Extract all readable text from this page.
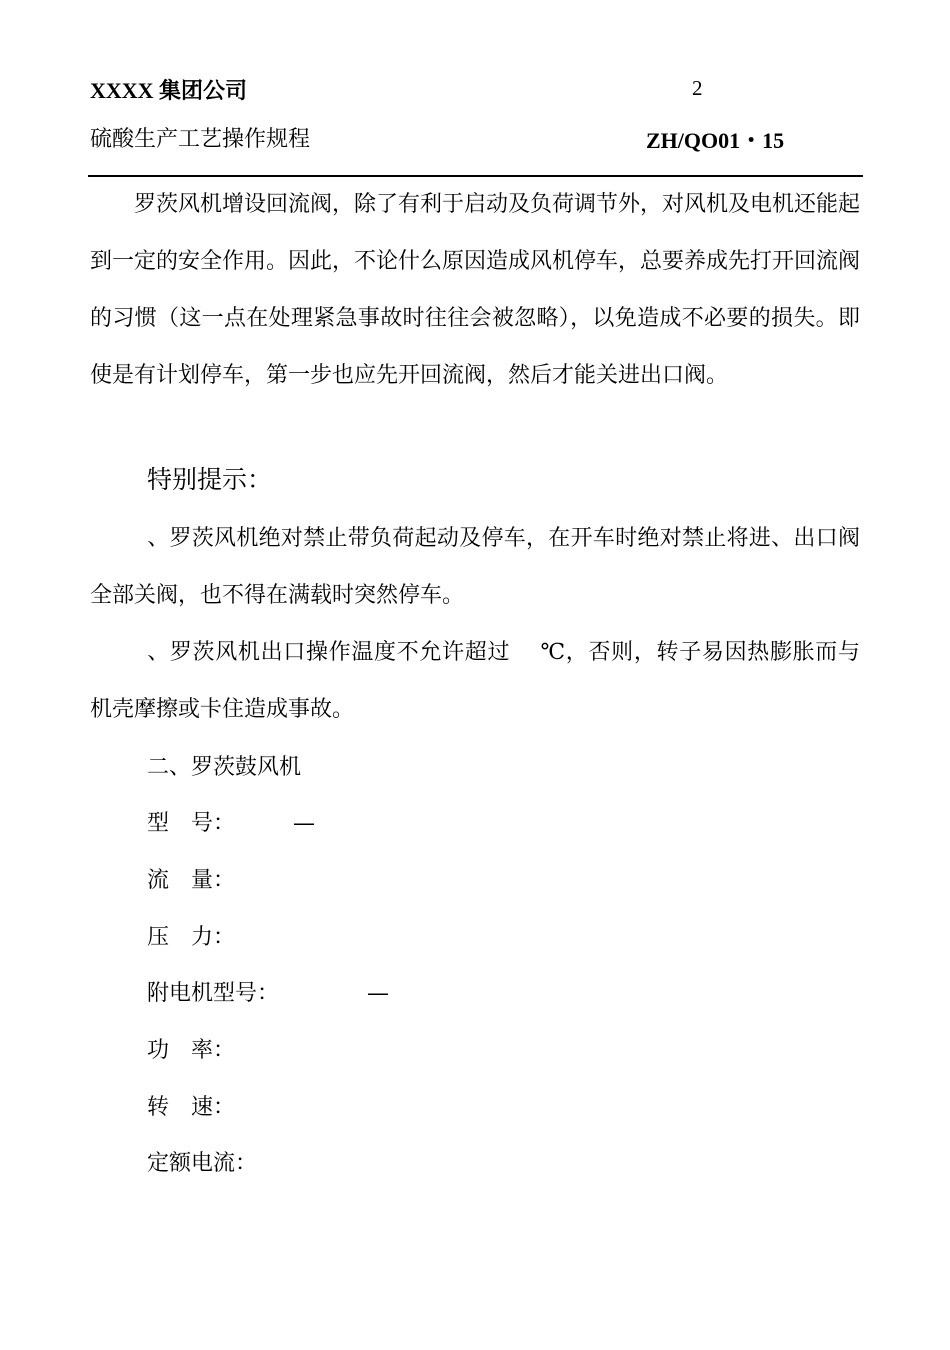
XXXX 集团公司	2
硫酸生产工艺操作规程	ZH/QO01・15

罗茨风机增设回流阀，除了有利于启动及负荷调节外，对风机及电机还能起到一定的安全作用。因此，不论什么原因造成风机停车，总要养成先打开回流阀的习惯（这一点在处理紧急事故时往往会被忽略），以免造成不必要的损失。即使是有计划停车，第一步也应先开回流阀，然后才能关进出口阀。

特别提示：

、罗茨风机绝对禁止带负荷起动及停车，在开车时绝对禁止将进、出口阀全部关阀，也不得在满载时突然停车。

、罗茨风机出口操作温度不允许超过　 ℃，否则，转子易因热膨胀而与机壳摩擦或卡住造成事故。

二、罗茨鼓风机
型　号：	—
流　量：
压　力：
附电机型号：	—
功　率：
转　速：
定额电流：
